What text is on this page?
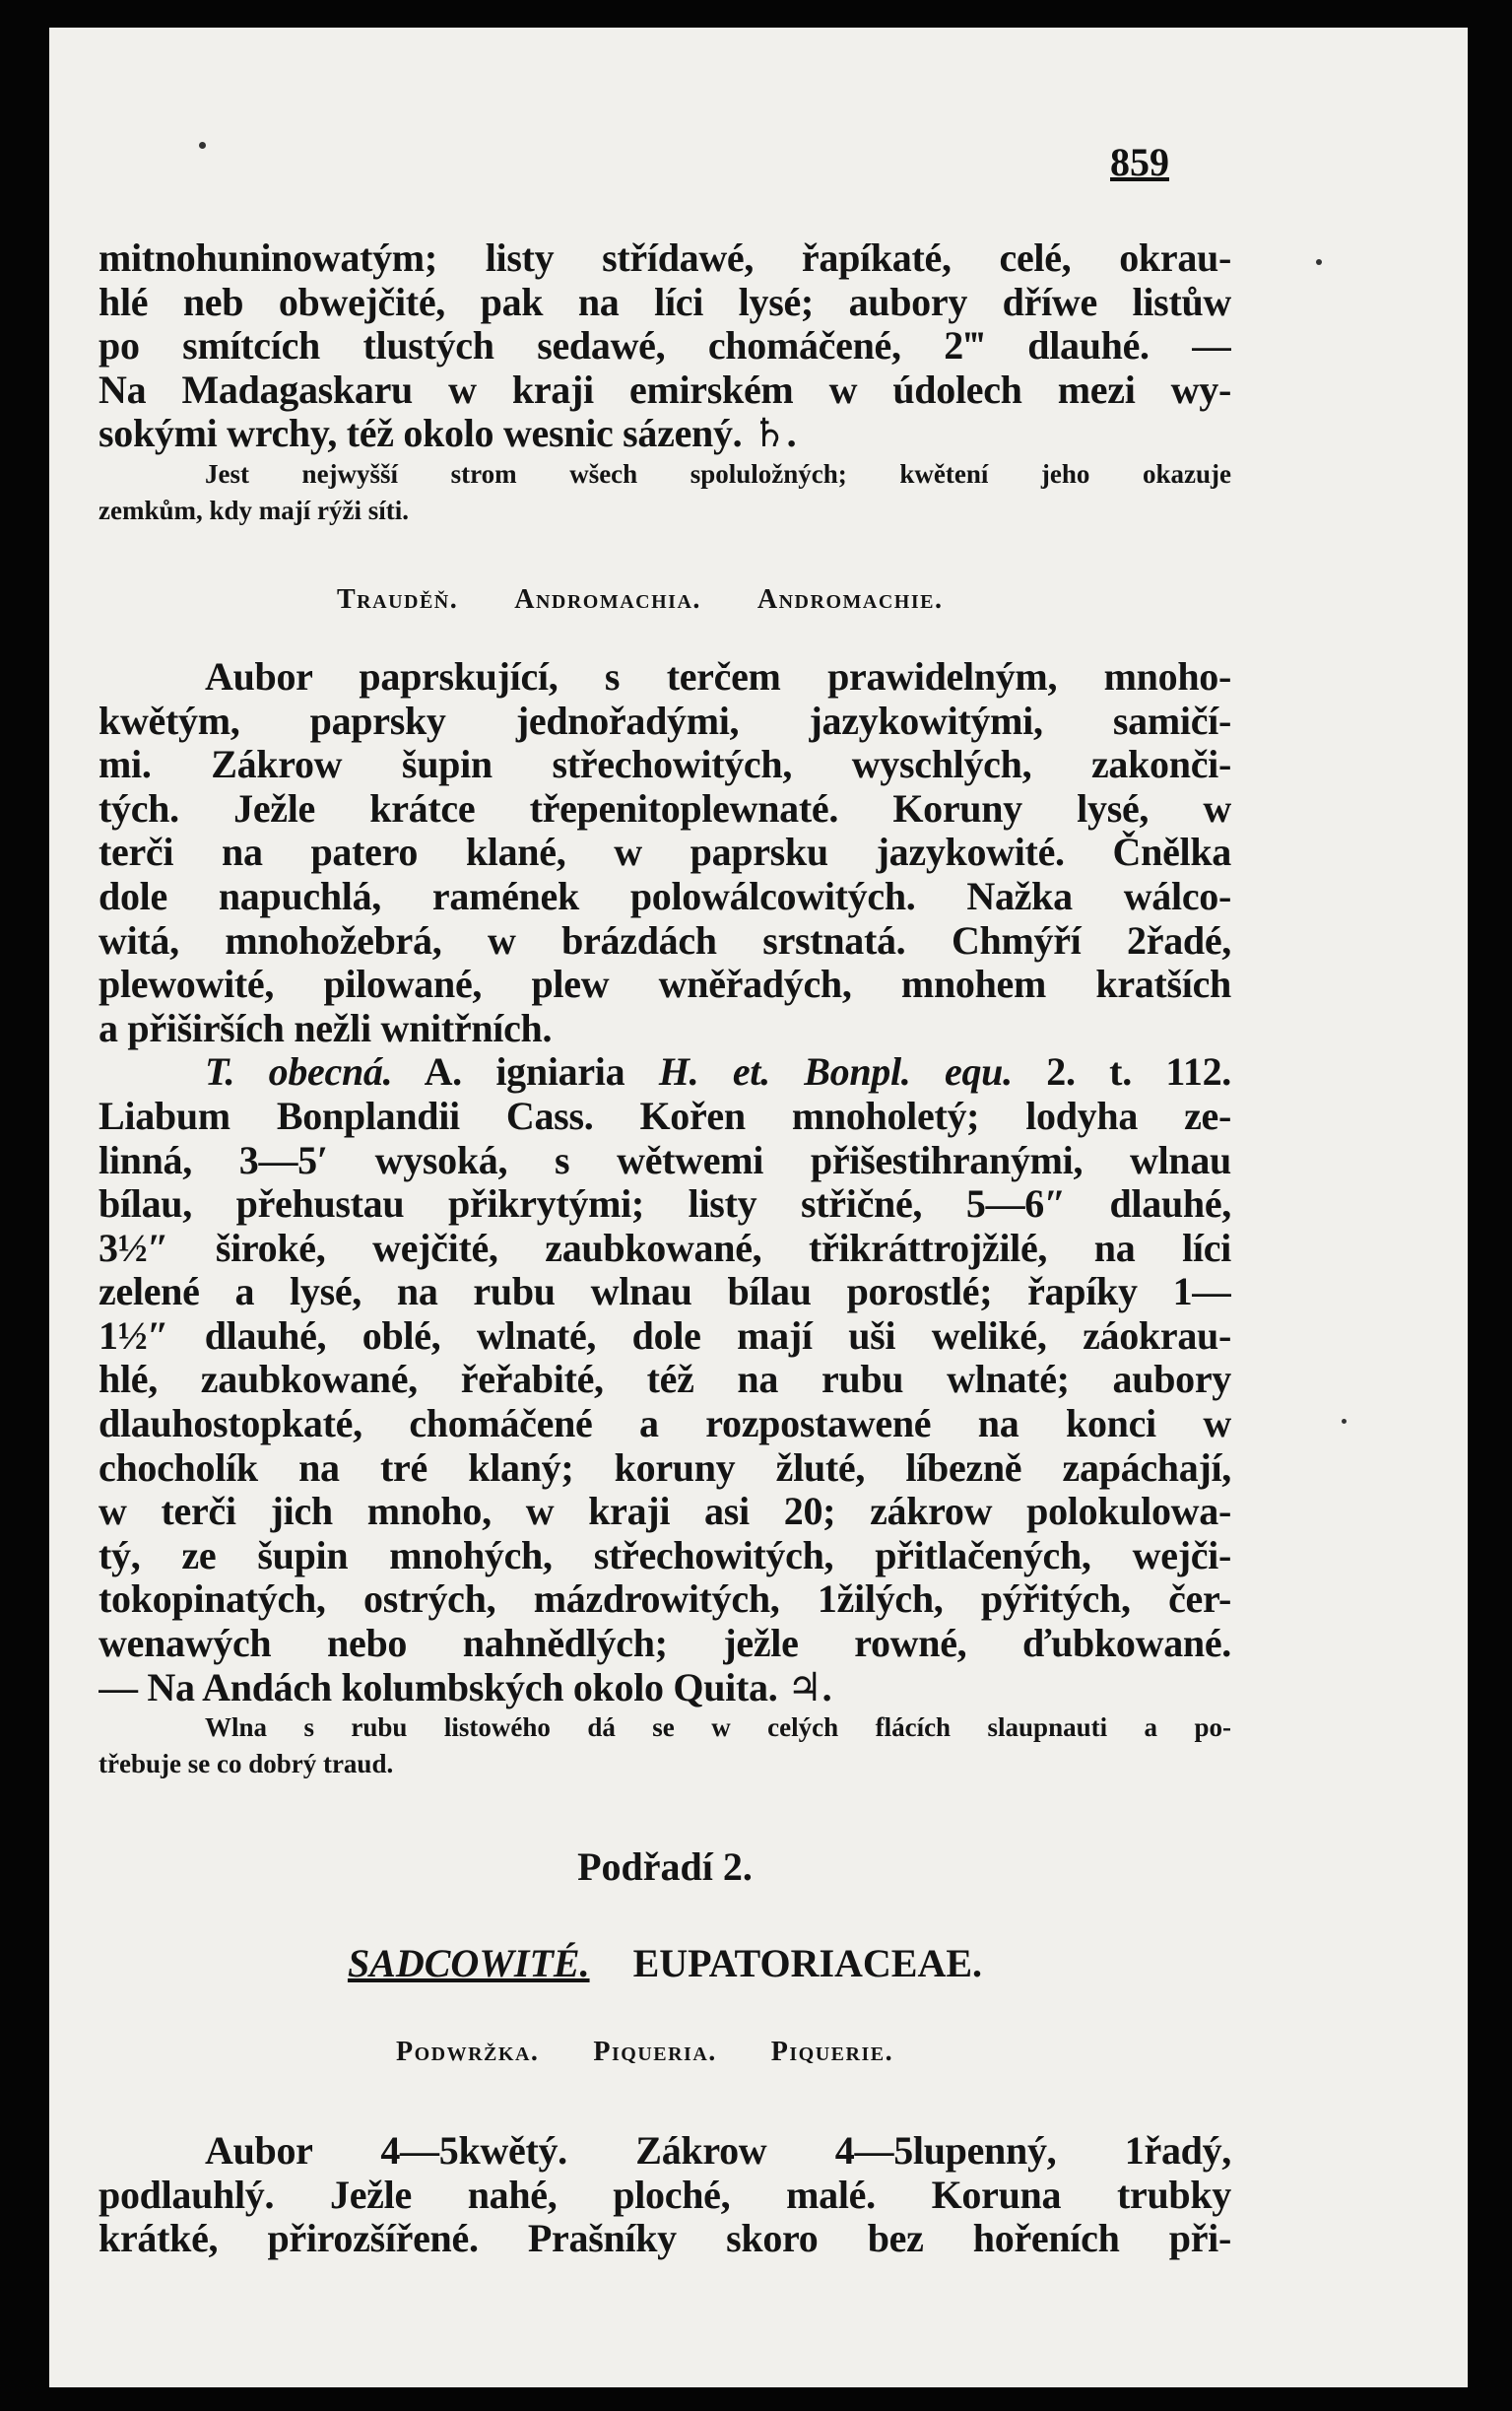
859
mitnohuninowatým; listy střídawé, řapíkaté, celé, okrau-
hlé neb obwejčité, pak na líci lysé; aubory dříwe listůw
po smítcích tlustých sedawé, chomáčené, 2‴ dlauhé. —
Na Madagaskaru w kraji emirském w údolech mezi wy-
sokými wrchy, též okolo wesnic sázený. ♄.
Jest nejwyšší strom wšech spoluložných; kwětení jeho okazuje
zemkům, kdy mají rýži síti.
Trauděň. Andromachia. Andromachie.
Aubor paprskující, s terčem prawidelným, mnoho-
kwětým, paprsky jednořadými, jazykowitými, samičí-
mi. Zákrow šupin střechowitých, wyschlých, zakonči-
tých. Ježle krátce třepenitoplewnaté. Koruny lysé, w
terči na patero klané, w paprsku jazykowité. Čnělka
dole napuchlá, ramének polowálcowitých. Nažka wálco-
witá, mnohožebrá, w brázdách srstnatá. Chmýří 2řadé,
plewowité, pilowané, plew wněřadých, mnohem kratších
a přiširších nežli wnitřních.
T. obecná. A. igniaria H. et. Bonpl. equ. 2. t. 112.
Liabum Bonplandii Cass. Kořen mnoholetý; lodyha ze-
linná, 3—5′ wysoká, s wětwemi přišestihranými, wlnau
bílau, přehustau přikrytými; listy střičné, 5—6″ dlauhé,
3½″ široké, wejčité, zaubkowané, třikráttrojžilé, na líci
zelené a lysé, na rubu wlnau bílau porostlé; řapíky 1—
1½″ dlauhé, oblé, wlnaté, dole mají uši weliké, záokrau-
hlé, zaubkowané, řeřabité, též na rubu wlnaté; aubory
dlauhostopkaté, chomáčené a rozpostawené na konci w
chocholík na tré klaný; koruny žluté, líbezně zapáchají,
w terči jich mnoho, w kraji asi 20; zákrow polokulowa-
tý, ze šupin mnohých, střechowitých, přitlačených, wejči-
tokopinatých, ostrých, mázdrowitých, 1žilých, pýřitých, čer-
wenawých nebo nahnědlých; ježle rowné, ďubkowané.
— Na Andách kolumbských okolo Quita. ♃.
Wlna s rubu listowého dá se w celých flácích slaupnauti a po-
třebuje se co dobrý traud.
Podřadí 2.
SADCOWITÉ. EUPATORIACEAE.
Podwržka. Piqueria. Piquerie.
Aubor 4—5kwětý. Zákrow 4—5lupenný, 1řadý,
podlauhlý. Ježle nahé, ploché, malé. Koruna trubky
krátké, přirozšířené. Prašníky skoro bez hořeních při-
